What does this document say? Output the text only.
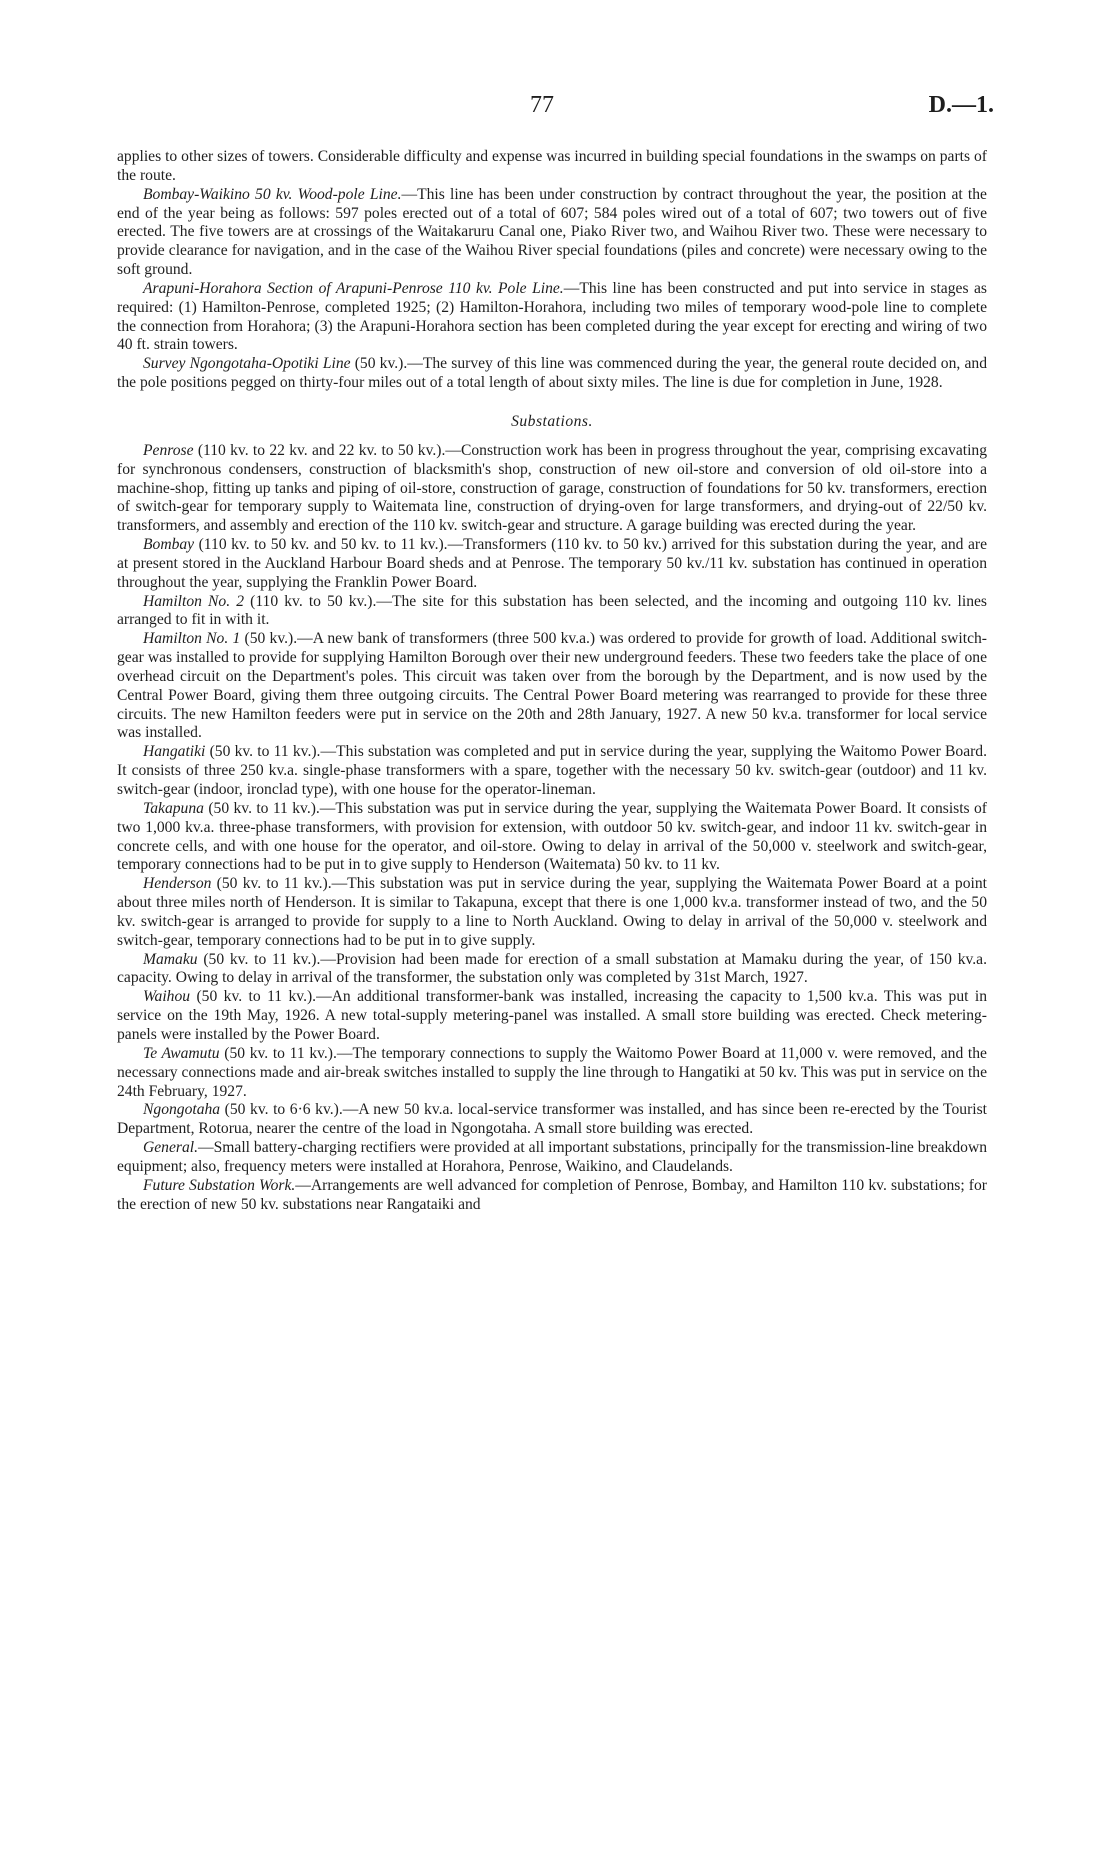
77	D.—1.

applies to other sizes of towers. Considerable difficulty and expense was incurred in building special foundations in the swamps on parts of the route.

Bombay-Waikino 50 kv. Wood-pole Line.—This line has been under construction by contract throughout the year, the position at the end of the year being as follows: 597 poles erected out of a total of 607; 584 poles wired out of a total of 607; two towers out of five erected. The five towers are at crossings of the Waitakaruru Canal one, Piako River two, and Waihou River two. These were necessary to provide clearance for navigation, and in the case of the Waihou River special foundations (piles and concrete) were necessary owing to the soft ground.

Arapuni-Horahora Section of Arapuni-Penrose 110 kv. Pole Line.—This line has been constructed and put into service in stages as required: (1) Hamilton-Penrose, completed 1925; (2) Hamilton-Horahora, including two miles of temporary wood-pole line to complete the connection from Horahora; (3) the Arapuni-Horahora section has been completed during the year except for erecting and wiring of two 40 ft. strain towers.

Survey Ngongotaha-Opotiki Line (50 kv.).—The survey of this line was commenced during the year, the general route decided on, and the pole positions pegged on thirty-four miles out of a total length of about sixty miles. The line is due for completion in June, 1928.

Substations.

Penrose (110 kv. to 22 kv. and 22 kv. to 50 kv.).—Construction work has been in progress throughout the year, comprising excavating for synchronous condensers, construction of blacksmith's shop, construction of new oil-store and conversion of old oil-store into a machine-shop, fitting up tanks and piping of oil-store, construction of garage, construction of foundations for 50 kv. transformers, erection of switch-gear for temporary supply to Waitemata line, construction of drying-oven for large transformers, and drying-out of 22/50 kv. transformers, and assembly and erection of the 110 kv. switch-gear and structure. A garage building was erected during the year.

Bombay (110 kv. to 50 kv. and 50 kv. to 11 kv.).—Transformers (110 kv. to 50 kv.) arrived for this substation during the year, and are at present stored in the Auckland Harbour Board sheds and at Penrose. The temporary 50 kv./11 kv. substation has continued in operation throughout the year, supplying the Franklin Power Board.

Hamilton No. 2 (110 kv. to 50 kv.).—The site for this substation has been selected, and the incoming and outgoing 110 kv. lines arranged to fit in with it.

Hamilton No. 1 (50 kv.).—A new bank of transformers (three 500 kv.a.) was ordered to provide for growth of load. Additional switch-gear was installed to provide for supplying Hamilton Borough over their new underground feeders. These two feeders take the place of one overhead circuit on the Department's poles. This circuit was taken over from the borough by the Department, and is now used by the Central Power Board, giving them three outgoing circuits. The Central Power Board metering was rearranged to provide for these three circuits. The new Hamilton feeders were put in service on the 20th and 28th January, 1927. A new 50 kv.a. transformer for local service was installed.

Hangatiki (50 kv. to 11 kv.).—This substation was completed and put in service during the year, supplying the Waitomo Power Board. It consists of three 250 kv.a. single-phase transformers with a spare, together with the necessary 50 kv. switch-gear (outdoor) and 11 kv. switch-gear (indoor, ironclad type), with one house for the operator-lineman.

Takapuna (50 kv. to 11 kv.).—This substation was put in service during the year, supplying the Waitemata Power Board. It consists of two 1,000 kv.a. three-phase transformers, with provision for extension, with outdoor 50 kv. switch-gear, and indoor 11 kv. switch-gear in concrete cells, and with one house for the operator, and oil-store. Owing to delay in arrival of the 50,000 v. steelwork and switch-gear, temporary connections had to be put in to give supply to Henderson (Waitemata) 50 kv. to 11 kv.

Henderson (50 kv. to 11 kv.).—This substation was put in service during the year, supplying the Waitemata Power Board at a point about three miles north of Henderson. It is similar to Takapuna, except that there is one 1,000 kv.a. transformer instead of two, and the 50 kv. switch-gear is arranged to provide for supply to a line to North Auckland. Owing to delay in arrival of the 50,000 v. steelwork and switch-gear, temporary connections had to be put in to give supply.

Mamaku (50 kv. to 11 kv.).—Provision had been made for erection of a small substation at Mamaku during the year, of 150 kv.a. capacity. Owing to delay in arrival of the transformer, the substation only was completed by 31st March, 1927.

Waihou (50 kv. to 11 kv.).—An additional transformer-bank was installed, increasing the capacity to 1,500 kv.a. This was put in service on the 19th May, 1926. A new total-supply metering-panel was installed. A small store building was erected. Check metering-panels were installed by the Power Board.

Te Awamutu (50 kv. to 11 kv.).—The temporary connections to supply the Waitomo Power Board at 11,000 v. were removed, and the necessary connections made and air-break switches installed to supply the line through to Hangatiki at 50 kv. This was put in service on the 24th February, 1927.

Ngongotaha (50 kv. to 6·6 kv.).—A new 50 kv.a. local-service transformer was installed, and has since been re-erected by the Tourist Department, Rotorua, nearer the centre of the load in Ngongotaha. A small store building was erected.

General.—Small battery-charging rectifiers were provided at all important substations, principally for the transmission-line breakdown equipment; also, frequency meters were installed at Horahora, Penrose, Waikino, and Claudelands.

Future Substation Work.—Arrangements are well advanced for completion of Penrose, Bombay, and Hamilton 110 kv. substations; for the erection of new 50 kv. substations near Rangataiki and
